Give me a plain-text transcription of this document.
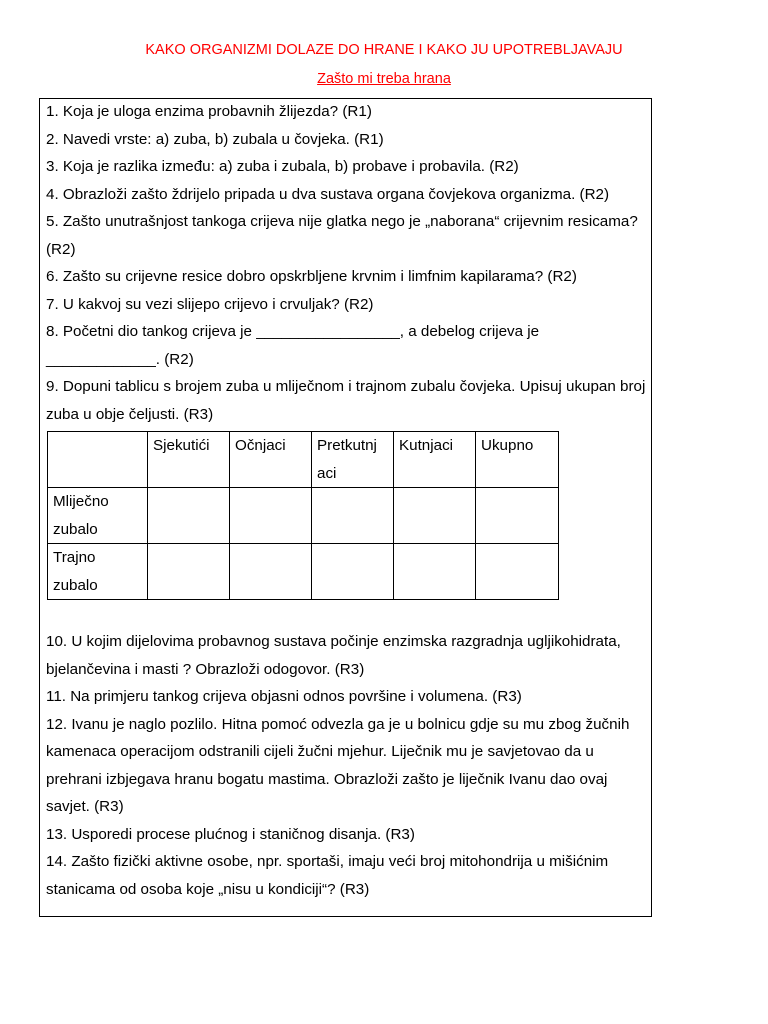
KAKO ORGANIZMI DOLAZE DO HRANE I KAKO JU UPOTREBLJAVAJU
Zašto mi treba hrana

1. Koja je uloga enzima probavnih žlijezda? (R1)

2. Navedi vrste: a) zuba, b) zubala u čovjeka. (R1)

3. Koja je razlika između: a) zuba i zubala, b) probave i probavila. (R2)

4. Obrazloži zašto ždrijelo pripada u dva sustava organa čovjekova organizma. (R2)

5. Zašto unutrašnjost tankoga crijeva nije glatka nego je „naborana“ crijevnim resicama? (R2)

6. Zašto su crijevne resice dobro opskrbljene krvnim i limfnim kapilarama? (R2)

7. U kakvoj su vezi slijepo crijevo i crvuljak? (R2)

8. Početni dio tankog crijeva je _________________, a debelog crijeva je _____________. (R2)

9. Dopuni tablicu s brojem zuba u mliječnom i trajnom zubalu čovjeka. Upisuj ukupan broj zuba u obje čeljusti. (R3)

	Sjekutići	Očnjaci	Pretkutnj aci	Kutnjaci	Ukupno
Mliječno zubalo					
Trajno zubalo					

10. U kojim dijelovima probavnog sustava počinje enzimska razgradnja ugljikohidrata, bjelančevina i masti ? Obrazloži odogovor. (R3)

11. Na primjeru tankog crijeva objasni odnos površine i volumena. (R3)

12. Ivanu je naglo pozlilo. Hitna pomoć odvezla ga je u bolnicu gdje su mu zbog žučnih kamenaca operacijom odstranili cijeli žučni mjehur. Liječnik mu je savjetovao da u prehrani izbjegava hranu bogatu mastima. Obrazloži zašto je liječnik Ivanu dao ovaj savjet. (R3)

13. Usporedi procese plućnog i staničnog disanja. (R3)

14. Zašto fizički aktivne osobe, npr. sportaši, imaju veći broj mitohondrija u mišićnim stanicama od osoba koje „nisu u kondiciji“? (R3)
